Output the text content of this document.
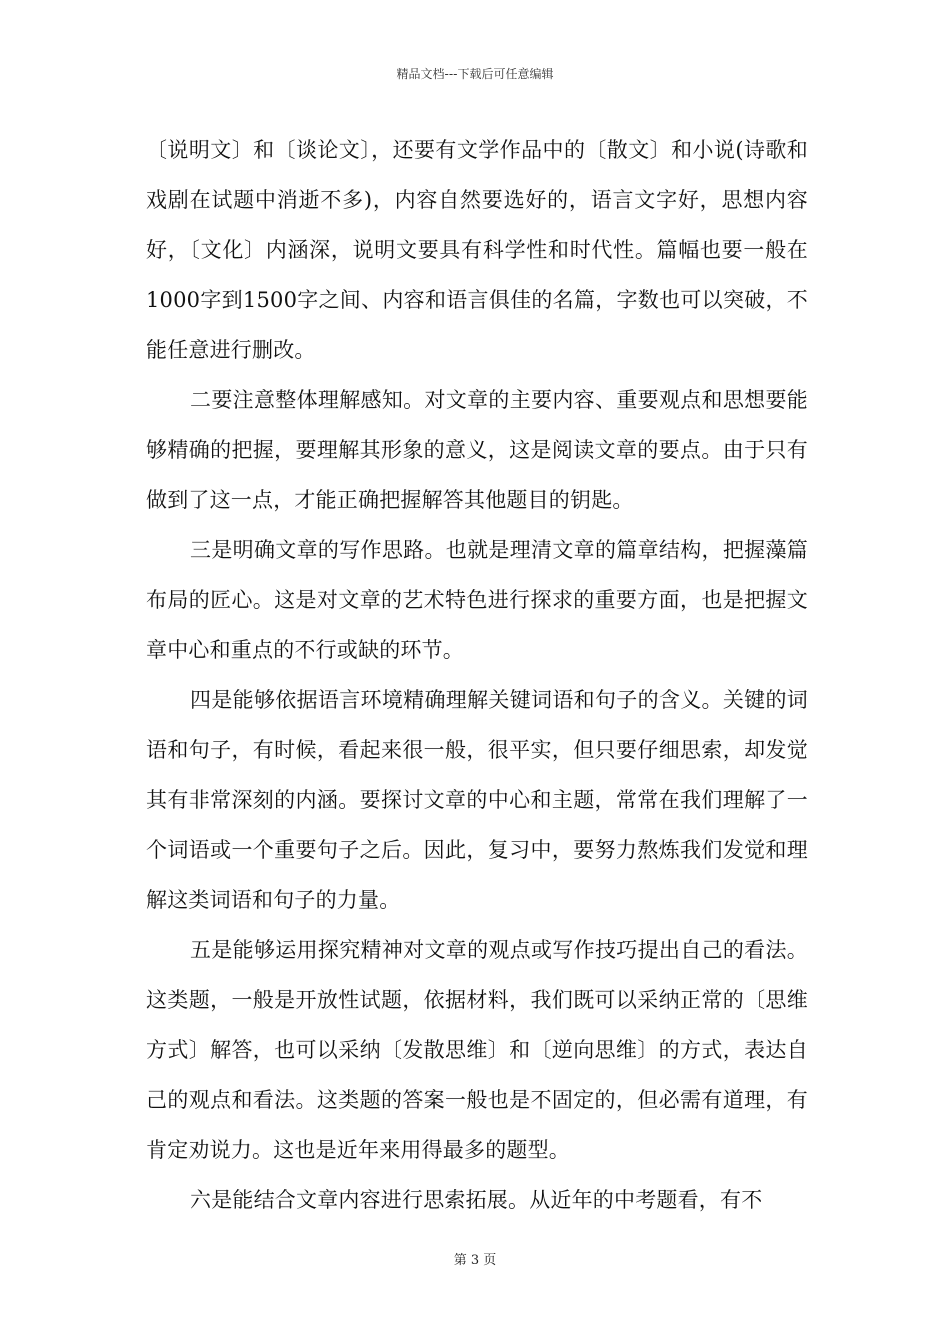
精品文档---下载后可任意编辑

〔说明文〕和〔谈论文〕，还要有文学作品中的〔散文〕和小说(诗歌和戏剧在试题中消逝不多)，内容自然要选好的，语言文字好，思想内容好，〔文化〕内涵深，说明文要具有科学性和时代性。篇幅也要一般在1000字到1500字之间、内容和语言俱佳的名篇，字数也可以突破，不能任意进行删改。

二要注意整体理解感知。对文章的主要内容、重要观点和思想要能够精确的把握，要理解其形象的意义，这是阅读文章的要点。由于只有做到了这一点，才能正确把握解答其他题目的钥匙。

三是明确文章的写作思路。也就是理清文章的篇章结构，把握藻篇布局的匠心。这是对文章的艺术特色进行探求的重要方面，也是把握文章中心和重点的不行或缺的环节。

四是能够依据语言环境精确理解关键词语和句子的含义。关键的词语和句子，有时候，看起来很一般，很平实，但只要仔细思索，却发觉其有非常深刻的内涵。要探讨文章的中心和主题，常常在我们理解了一个词语或一个重要句子之后。因此，复习中，要努力熬炼我们发觉和理解这类词语和句子的力量。

五是能够运用探究精神对文章的观点或写作技巧提出自己的看法。这类题，一般是开放性试题，依据材料，我们既可以采纳正常的〔思维方式〕解答，也可以采纳〔发散思维〕和〔逆向思维〕的方式，表达自己的观点和看法。这类题的答案一般也是不固定的，但必需有道理，有肯定劝说力。这也是近年来用得最多的题型。

六是能结合文章内容进行思索拓展。从近年的中考题看，有不

第 3 页
